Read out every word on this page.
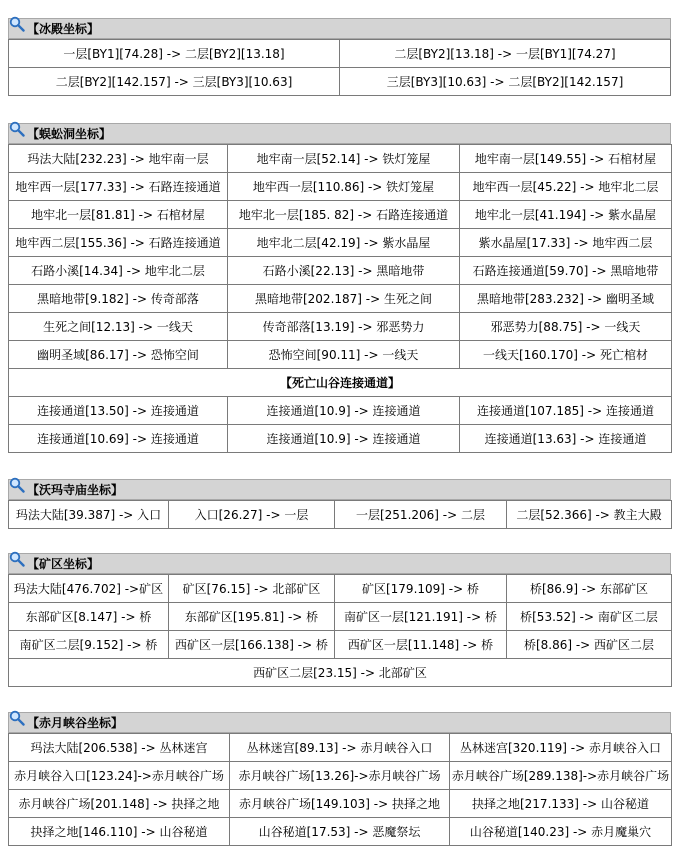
【冰殿坐标】
一层[BY1][74.28] -> 二层[BY2][13.18]	二层[BY2][13.18] -> 一层[BY1][74.27]
二层[BY2][142.157] -> 三层[BY3][10.63]	三层[BY3][10.63] -> 二层[BY2][142.157]
【蜈蚣洞坐标】
玛法大陆[232.23] -> 地牢南一层	地牢南一层[52.14] -> 铁灯笼屋	地牢南一层[149.55] -> 石棺材屋
地牢西一层[177.33] -> 石路连接通道	地牢西一层[110.86] -> 铁灯笼屋	地牢西一层[45.22] -> 地牢北二层
地牢北一层[81.81] -> 石棺材屋	地牢北一层[185. 82] -> 石路连接通道	地牢北一层[41.194] -> 紫水晶屋
地牢西二层[155.36] -> 石路连接通道	地牢北二层[42.19] -> 紫水晶屋	紫水晶屋[17.33] -> 地牢西二层
石路小溪[14.34] -> 地牢北二层	石路小溪[22.13] -> 黑暗地带	石路连接通道[59.70] -> 黑暗地带
黑暗地带[9.182] -> 传奇部落	黑暗地带[202.187] -> 生死之间	黑暗地带[283.232] -> 幽明圣域
生死之间[12.13] -> 一线天	传奇部落[13.19] -> 邪恶势力	邪恶势力[88.75] -> 一线天
幽明圣域[86.17] -> 恐怖空间	恐怖空间[90.11] -> 一线天	一线天[160.170] -> 死亡棺材
【死亡山谷连接通道】		
连接通道[13.50] -> 连接通道	连接通道[10.9] -> 连接通道	连接通道[107.185] -> 连接通道
连接通道[10.69] -> 连接通道	连接通道[10.9] -> 连接通道	连接通道[13.63] -> 连接通道
【沃玛寺庙坐标】
玛法大陆[39.387] -> 入口	入口[26.27] -> 一层	一层[251.206] -> 二层	二层[52.366] -> 教主大殿
【矿区坐标】
玛法大陆[476.702] ->矿区	矿区[76.15] -> 北部矿区	矿区[179.109] -> 桥	桥[86.9] -> 东部矿区
东部矿区[8.147] -> 桥	东部矿区[195.81] -> 桥	南矿区一层[121.191] -> 桥	桥[53.52] -> 南矿区二层
南矿区二层[9.152] -> 桥	西矿区一层[166.138] -> 桥	西矿区一层[11.148] -> 桥	桥[8.86] -> 西矿区二层
西矿区二层[23.15] -> 北部矿区			
【赤月峡谷坐标】
玛法大陆[206.538] -> 丛林迷宫	丛林迷宫[89.13] -> 赤月峡谷入口	丛林迷宫[320.119] -> 赤月峡谷入口
赤月峡谷入口[123.24]->赤月峡谷广场	赤月峡谷广场[13.26]->赤月峡谷广场	赤月峡谷广场[289.138]->赤月峡谷广场
赤月峡谷广场[201.148] -> 抉择之地	赤月峡谷广场[149.103] -> 抉择之地	抉择之地[217.133] -> 山谷秘道
抉择之地[146.110] -> 山谷秘道	山谷秘道[17.53] -> 恶魔祭坛	山谷秘道[140.23] -> 赤月魔巢穴
